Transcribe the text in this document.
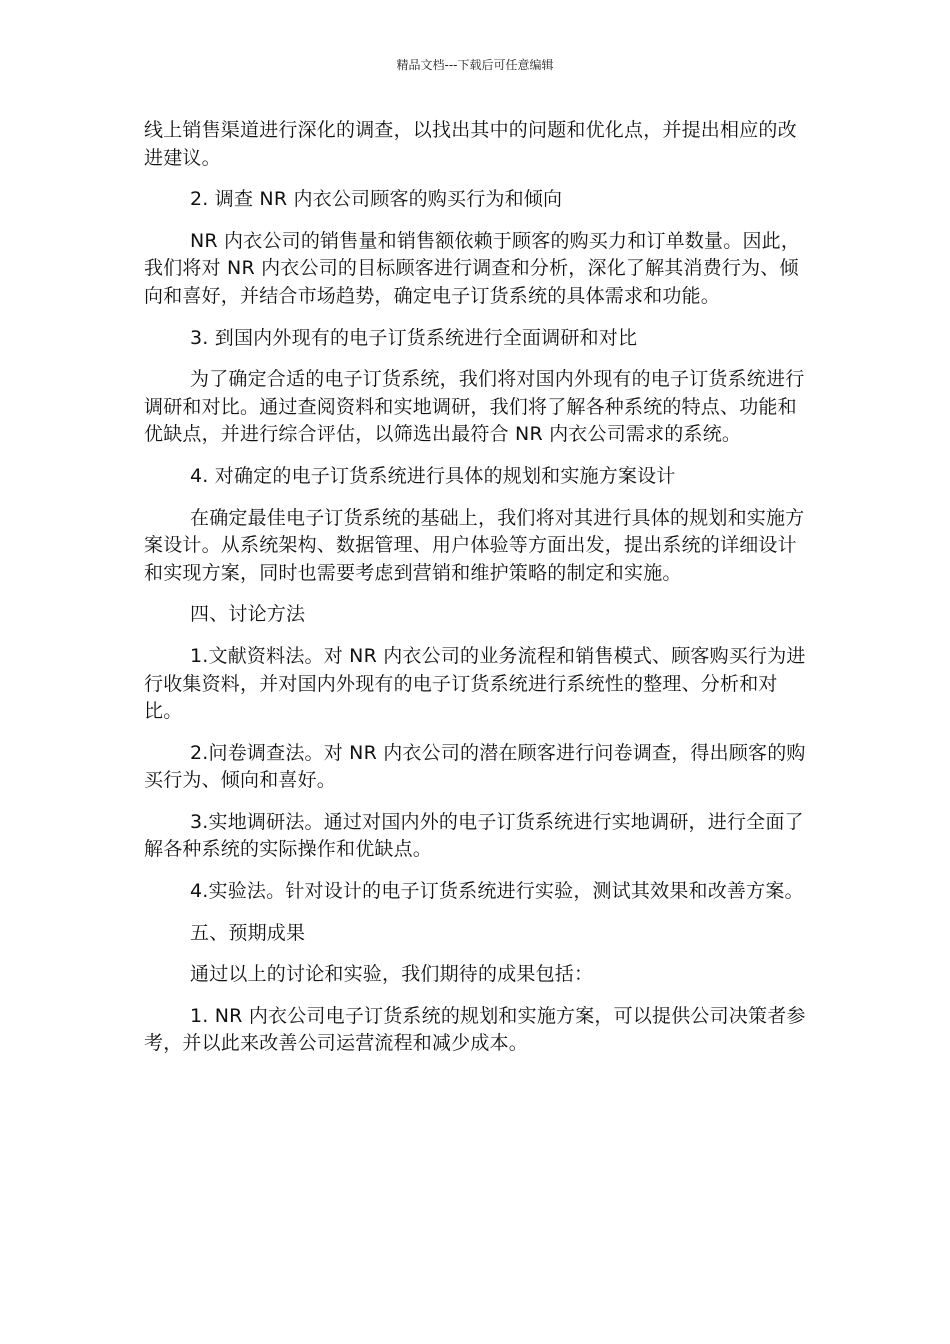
精品文档---下载后可任意编辑

线上销售渠道进行深化的调查，以找出其中的问题和优化点，并提出相应的改进建议。

2. 调查 NR 内衣公司顾客的购买行为和倾向

NR 内衣公司的销售量和销售额依赖于顾客的购买力和订单数量。因此，我们将对 NR 内衣公司的目标顾客进行调查和分析，深化了解其消费行为、倾向和喜好，并结合市场趋势，确定电子订货系统的具体需求和功能。

3. 到国内外现有的电子订货系统进行全面调研和对比

为了确定合适的电子订货系统，我们将对国内外现有的电子订货系统进行调研和对比。通过查阅资料和实地调研，我们将了解各种系统的特点、功能和优缺点，并进行综合评估，以筛选出最符合 NR 内衣公司需求的系统。

4. 对确定的电子订货系统进行具体的规划和实施方案设计

在确定最佳电子订货系统的基础上，我们将对其进行具体的规划和实施方案设计。从系统架构、数据管理、用户体验等方面出发，提出系统的详细设计和实现方案，同时也需要考虑到营销和维护策略的制定和实施。

四、讨论方法

1.文献资料法。对 NR 内衣公司的业务流程和销售模式、顾客购买行为进行收集资料，并对国内外现有的电子订货系统进行系统性的整理、分析和对比。

2.问卷调查法。对 NR 内衣公司的潜在顾客进行问卷调查，得出顾客的购买行为、倾向和喜好。

3.实地调研法。通过对国内外的电子订货系统进行实地调研，进行全面了解各种系统的实际操作和优缺点。

4.实验法。针对设计的电子订货系统进行实验，测试其效果和改善方案。

五、预期成果

通过以上的讨论和实验，我们期待的成果包括：

1. NR 内衣公司电子订货系统的规划和实施方案，可以提供公司决策者参考，并以此来改善公司运营流程和减少成本。
